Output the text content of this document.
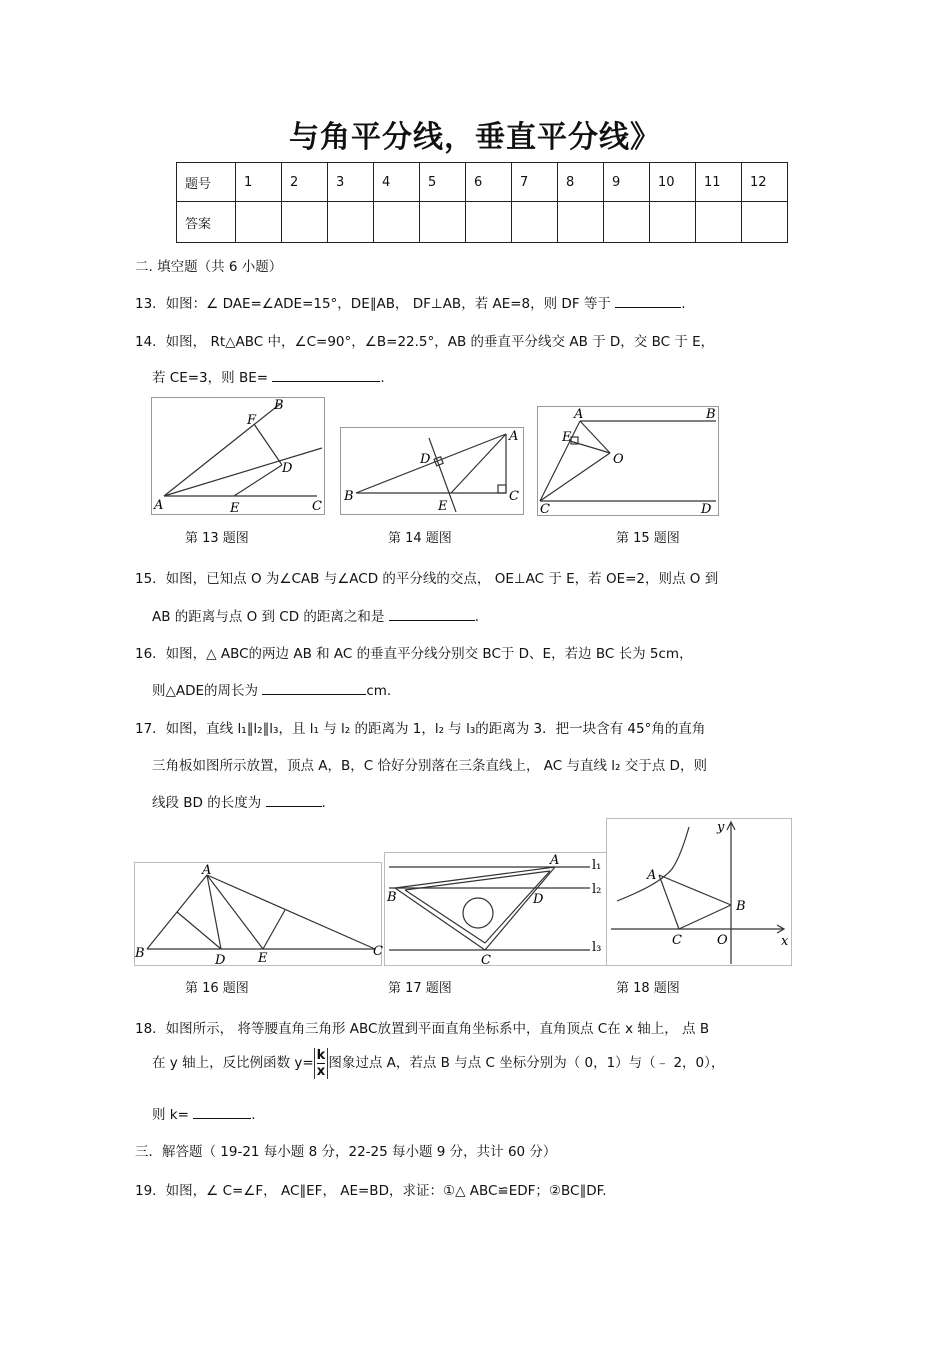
与角平分线，垂直平分线》
题号	1	2	3	4	5	6	7	8	9	10	11	12
答案												
二. 填空题（共 6 小题）
13．如图：∠ DAE=∠ADE=15°，DE∥AB， DF⊥AB，若 AE=8，则 DF 等于	.
14．如图， Rt△ABC 中，∠C=90°，∠B=22.5°，AB 的垂直平分线交 AB 于 D，交 BC 于 E，
若 CE=3，则 BE=	.
A
B
C
D
E
F
B
A
C
D
E
A	B
C	D
E
O
第 13 题图	第 14 题图	第 15 题图
15．如图，已知点 O 为∠CAB 与∠ACD 的平分线的交点， OE⊥AC 于 E，若 OE=2，则点 O 到
AB 的距离与点 O 到 CD 的距离之和是	.
16．如图，△ ABC的两边 AB 和 AC 的垂直平分线分别交 BC于 D、E，若边 BC 长为 5cm，
则△ADE的周长为	cm.
17．如图，直线 l₁∥l₂∥l₃，且 l₁ 与 l₂ 的距离为 1，l₂ 与 l₃的距离为 3．把一块含有 45°角的直角
三角板如图所示放置，顶点 A，B，C 恰好分别落在三条直线上， AC 与直线 l₂ 交于点 D，则
线段 BD 的长度为	.
B
A
C
D	E
A
B
C
D
l₁
l₂
l₃
A
B
C	O	x
y
第 16 题图	第 17 题图	第 18 题图
18．如图所示， 将等腰直角三角形 ABC放置到平面直角坐标系中，直角顶点 C在 x 轴上， 点 B
在 y 轴上，反比例函数 $y= \frac{k}{x}$ 图象过点 A，若点 B 与点 C 坐标分别为（ 0，1）与（﹣ 2，0），
则 k=	.
三．解答题（ 19-21 每小题 8 分，22-25 每小题 9 分，共计 60 分）
19．如图，∠ C=∠F， AC∥EF， AE=BD，求证：①△ ABC≌EDF；②BC∥DF.
